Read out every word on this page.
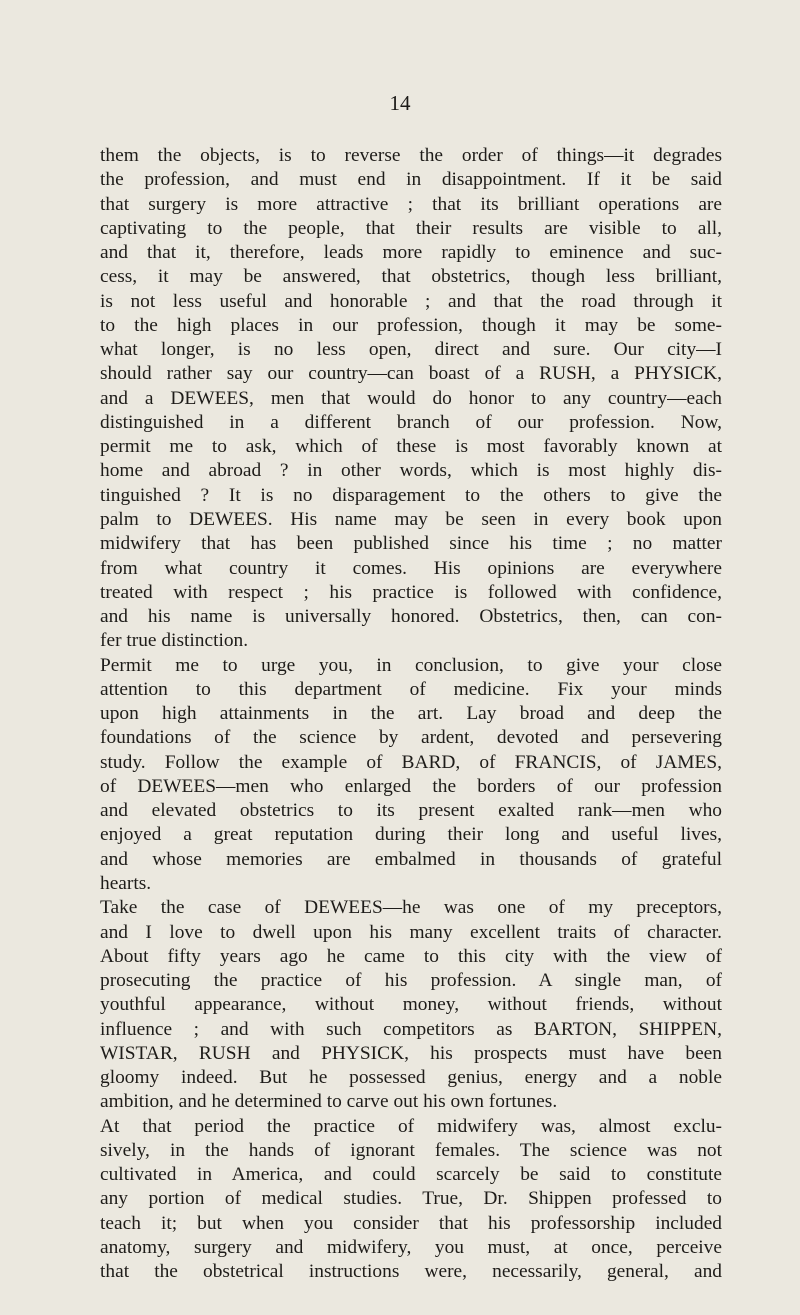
14
them the objects, is to reverse the order of things—it degrades
the profession, and must end in disappointment. If it be said
that surgery is more attractive ; that its brilliant operations are
captivating to the people, that their results are visible to all,
and that it, therefore, leads more rapidly to eminence and suc-
cess, it may be answered, that obstetrics, though less brilliant,
is not less useful and honorable ; and that the road through it
to the high places in our profession, though it may be some-
what longer, is no less open, direct and sure. Our city—I
should rather say our country—can boast of a RUSH, a PHYSICK,
and a DEWEES, men that would do honor to any country—each
distinguished in a different branch of our profession. Now,
permit me to ask, which of these is most favorably known at
home and abroad ? in other words, which is most highly dis-
tinguished ? It is no disparagement to the others to give the
palm to DEWEES. His name may be seen in every book upon
midwifery that has been published since his time ; no matter
from what country it comes. His opinions are everywhere
treated with respect ; his practice is followed with confidence,
and his name is universally honored. Obstetrics, then, can con-
fer true distinction.
Permit me to urge you, in conclusion, to give your close
attention to this department of medicine. Fix your minds
upon high attainments in the art. Lay broad and deep the
foundations of the science by ardent, devoted and persevering
study. Follow the example of BARD, of FRANCIS, of JAMES,
of DEWEES—men who enlarged the borders of our profession
and elevated obstetrics to its present exalted rank—men who
enjoyed a great reputation during their long and useful lives,
and whose memories are embalmed in thousands of grateful
hearts.
Take the case of DEWEES—he was one of my preceptors,
and I love to dwell upon his many excellent traits of character.
About fifty years ago he came to this city with the view of
prosecuting the practice of his profession. A single man, of
youthful appearance, without money, without friends, without
influence ; and with such competitors as BARTON, SHIPPEN,
WISTAR, RUSH and PHYSICK, his prospects must have been
gloomy indeed. But he possessed genius, energy and a noble
ambition, and he determined to carve out his own fortunes.
At that period the practice of midwifery was, almost exclu-
sively, in the hands of ignorant females. The science was not
cultivated in America, and could scarcely be said to constitute
any portion of medical studies. True, Dr. Shippen professed to
teach it; but when you consider that his professorship included
anatomy, surgery and midwifery, you must, at once, perceive
that the obstetrical instructions were, necessarily, general, and
